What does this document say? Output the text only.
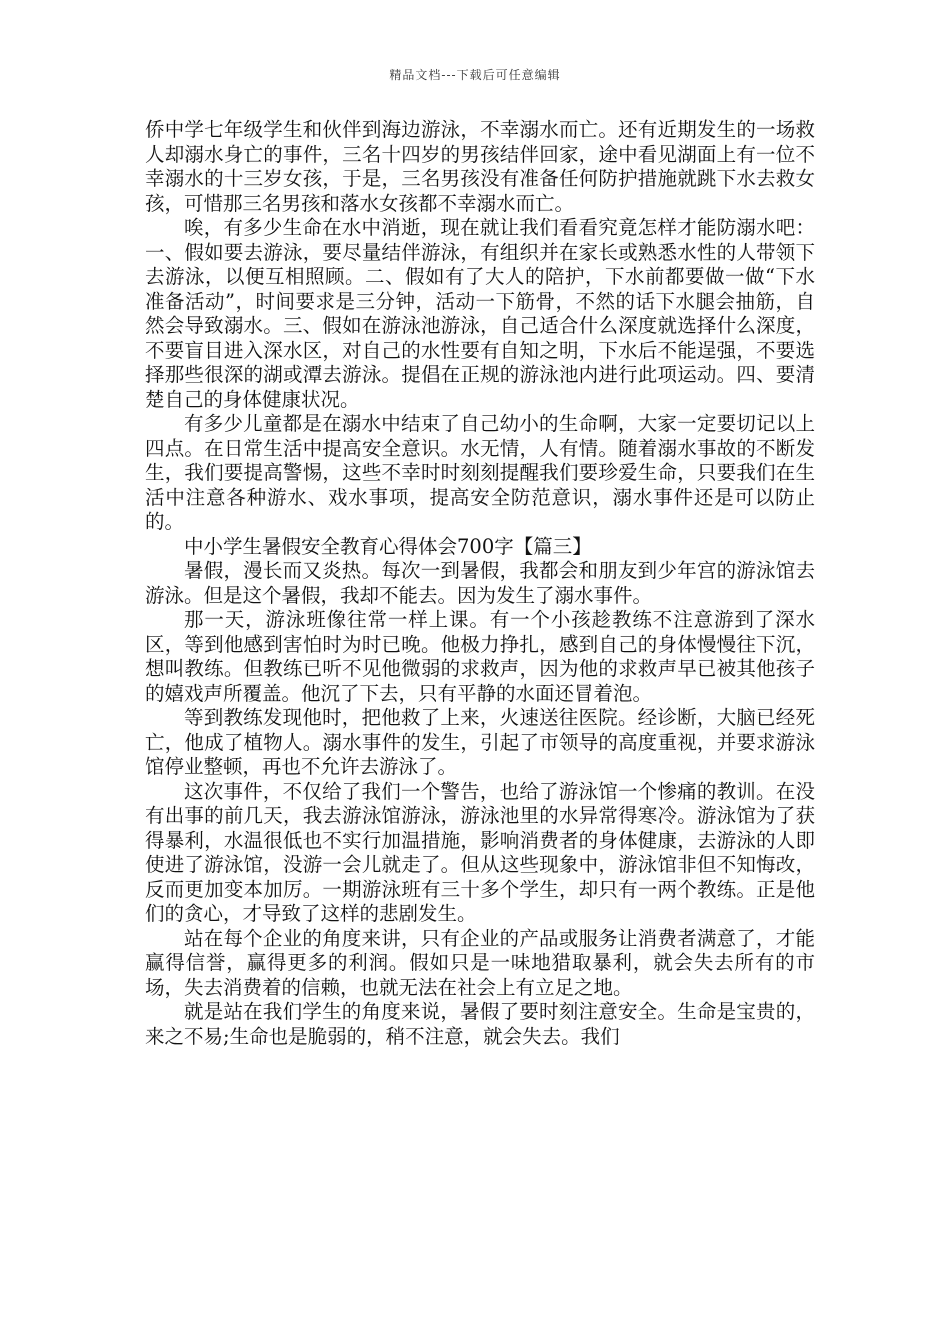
精品文档---下载后可任意编辑

侨中学七年级学生和伙伴到海边游泳，不幸溺水而亡。还有近期发生的一场救人却溺水身亡的事件，三名十四岁的男孩结伴回家，途中看见湖面上有一位不幸溺水的十三岁女孩，于是，三名男孩没有准备任何防护措施就跳下水去救女孩，可惜那三名男孩和落水女孩都不幸溺水而亡。

唉，有多少生命在水中消逝，现在就让我们看看究竟怎样才能防溺水吧：一、假如要去游泳，要尽量结伴游泳，有组织并在家长或熟悉水性的人带领下去游泳，以便互相照顾。二、假如有了大人的陪护，下水前都要做一做“下水准备活动”，时间要求是三分钟，活动一下筋骨，不然的话下水腿会抽筋，自然会导致溺水。三、假如在游泳池游泳，自己适合什么深度就选择什么深度，不要盲目进入深水区，对自己的水性要有自知之明，下水后不能逞强，不要选择那些很深的湖或潭去游泳。提倡在正规的游泳池内进行此项运动。四、要清楚自己的身体健康状况。

有多少儿童都是在溺水中结束了自己幼小的生命啊，大家一定要切记以上四点。在日常生活中提高安全意识。水无情，人有情。随着溺水事故的不断发生，我们要提高警惕，这些不幸时时刻刻提醒我们要珍爱生命，只要我们在生活中注意各种游水、戏水事项，提高安全防范意识，溺水事件还是可以防止的。

中小学生暑假安全教育心得体会700字【篇三】

暑假，漫长而又炎热。每次一到暑假，我都会和朋友到少年宫的游泳馆去游泳。但是这个暑假，我却不能去。因为发生了溺水事件。

那一天，游泳班像往常一样上课。有一个小孩趁教练不注意游到了深水区，等到他感到害怕时为时已晚。他极力挣扎，感到自己的身体慢慢往下沉，想叫教练。但教练已听不见他微弱的求救声，因为他的求救声早已被其他孩子的嬉戏声所覆盖。他沉了下去，只有平静的水面还冒着泡。

等到教练发现他时，把他救了上来，火速送往医院。经诊断，大脑已经死亡，他成了植物人。溺水事件的发生，引起了市领导的高度重视，并要求游泳馆停业整顿，再也不允许去游泳了。

这次事件，不仅给了我们一个警告，也给了游泳馆一个惨痛的教训。在没有出事的前几天，我去游泳馆游泳，游泳池里的水异常得寒冷。游泳馆为了获得暴利，水温很低也不实行加温措施，影响消费者的身体健康，去游泳的人即使进了游泳馆，没游一会儿就走了。但从这些现象中，游泳馆非但不知悔改，反而更加变本加厉。一期游泳班有三十多个学生，却只有一两个教练。正是他们的贪心，才导致了这样的悲剧发生。

站在每个企业的角度来讲，只有企业的产品或服务让消费者满意了，才能赢得信誉，赢得更多的利润。假如只是一味地猎取暴利，就会失去所有的市场，失去消费着的信赖，也就无法在社会上有立足之地。

就是站在我们学生的角度来说，暑假了要时刻注意安全。生命是宝贵的，来之不易;生命也是脆弱的，稍不注意，就会失去。我们
